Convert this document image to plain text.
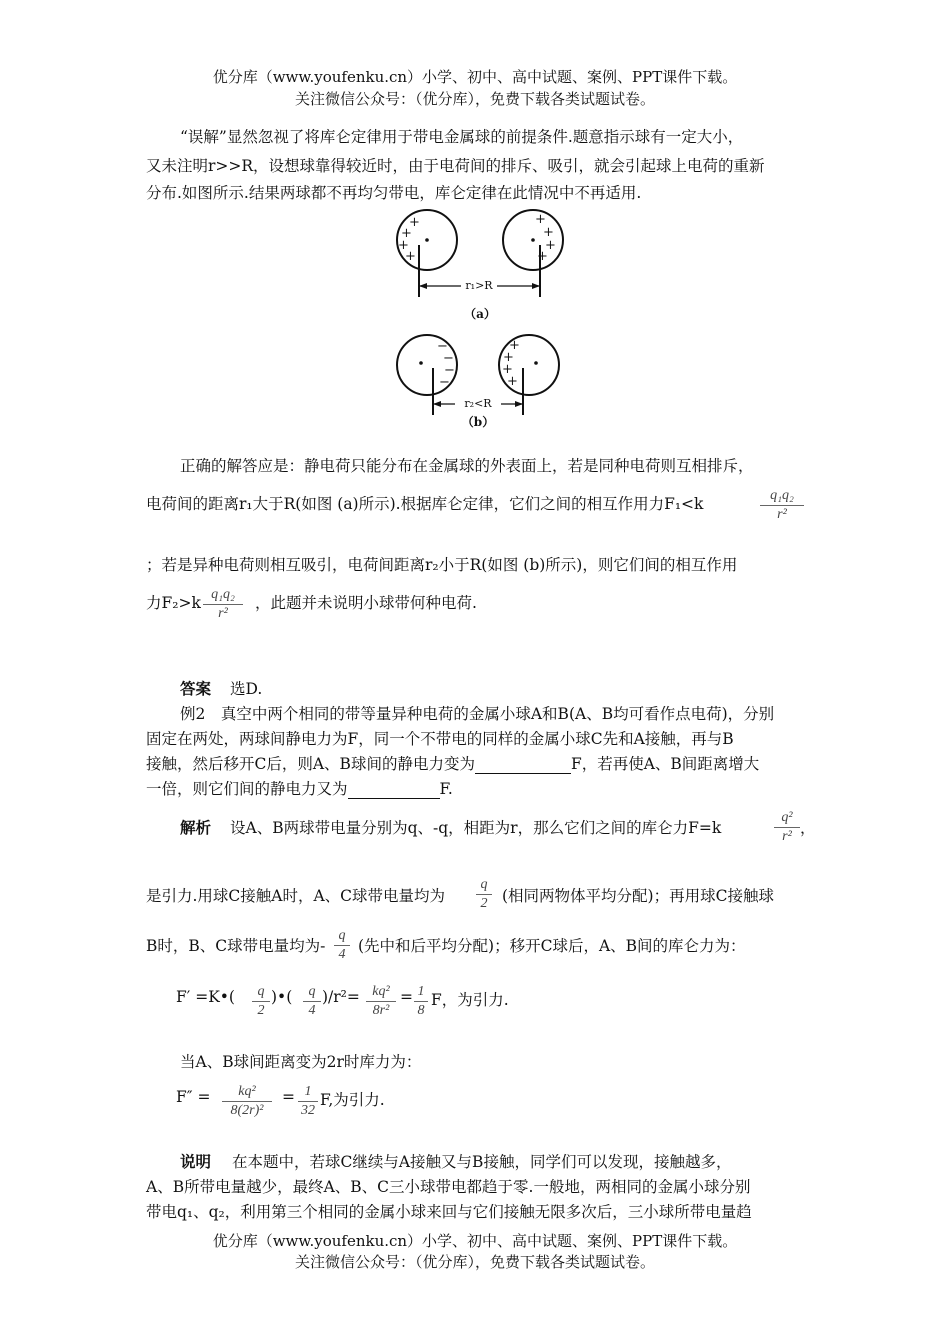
优分库（www.youfenku.cn）小学、初中、高中试题、案例、PPT课件下载。
关注微信公众号：（优分库），免费下载各类试题试卷。
“误解”显然忽视了将库仑定律用于带电金属球的前提条件.题意指示球有一定大小，
又未注明r>>R，设想球靠得较近时，由于电荷间的排斥、吸引，就会引起球上电荷的重新
分布.如图所示.结果两球都不再均匀带电，库仑定律在此情况中不再适用.
+
+
+
+
+
+
+
+
r₁>R
（a）
−
−
−
−
+
+
+
+
r₂<R
（b）
正确的解答应是：静电荷只能分布在金属球的外表面上，若是同种电荷则互相排斥，
电荷间的距离r₁大于R(如图 (a)所示).根据库仑定律，它们之间的相互作用力F₁<k	q₁q₂
r²
；若是异种电荷则相互吸引，电荷间距离r₂小于R(如图 (b)所示)，则它们间的相互作用
力F₂>k q₁q₂
r²
，此题并未说明小球带何种电荷.
答案 选D.
例2　真空中两个相同的带等量异种电荷的金属小球A和B(A、B均可看作点电荷)，分别
固定在两处，两球间静电力为F，同一个不带电的同样的金属小球C先和A接触，再与B
接触，然后移开C后，则A、B球间的静电力变为	F，若再使A、B间距离增大
一倍，则它们间的静电力又为	F.
解析 设A、B两球带电量分别为q、-q，相距为r，那么它们之间的库仑力F=k
q²
r² ，
是引力.用球C接触A时，A、C球带电量均为
q
2 (相同两物体平均分配)；再用球C接触球
B时，B、C球带电量均为-
q
4 (先中和后平均分配)；移开C球后，A、B间的库仑力为：
F′ =K•(	q
2
)•(	q
4
)/r²= kq²
8r²
= 1
8
F，为引力.
当A、B球间距离变为2r时库力为：
F″ =	kq²
8(2r)²
= 1
32
F,为引力.
说明 在本题中，若球C继续与A接触又与B接触，同学们可以发现，接触越多，
A、B所带电量越少，最终A、B、C三小球带电都趋于零.一般地，两相同的金属小球分别
带电q₁、q₂，利用第三个相同的金属小球来回与它们接触无限多次后，三小球所带电量趋
优分库（www.youfenku.cn）小学、初中、高中试题、案例、PPT课件下载。
关注微信公众号：（优分库），免费下载各类试题试卷。
